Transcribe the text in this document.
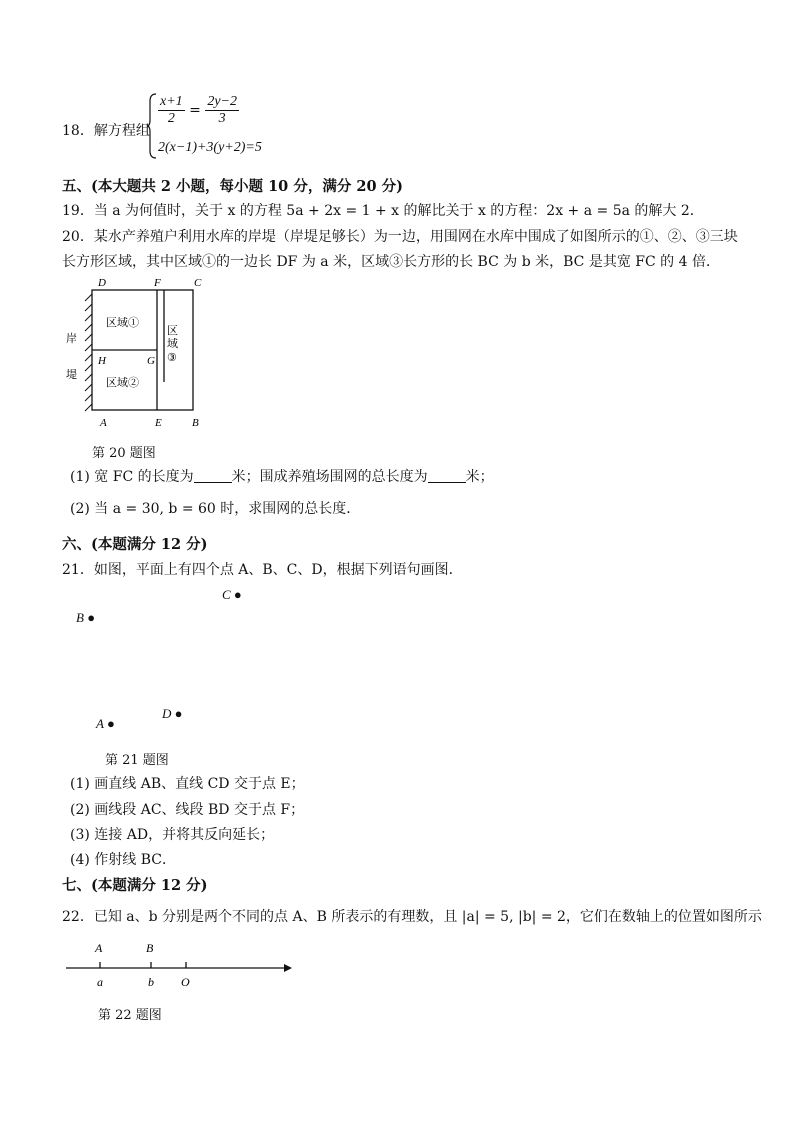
18．解方程组
$\frac{x+1}{2} = \frac{2y-2}{3}$
2(x−1)+3(y+2)=5
五、(本大题共 2 小题，每小题 10 分，满分 20 分)
19．当 a 为何值时，关于 x 的方程 5a + 2x = 1 + x 的解比关于 x 的方程：2x + a = 5a 的解大 2．
20．某水产养殖户利用水库的岸堤（岸堤足够长）为一边，用围网在水库中围成了如图所示的①、②、③三块
长方形区域，其中区域①的一边长 DF 为 a 米，区域③长方形的长 BC 为 b 米，BC 是其宽 FC 的 4 倍．
D	F	C
H	G
A	E	B
区域①
区域②
区
域
③
岸
堤
第 20 题图
(1) 宽 FC 的长度为	米；围成养殖场围网的总长度为	米；
(2) 当 a = 30, b = 60 时，求围网的总长度．
六、(本题满分 12 分)
21．如图，平面上有四个点 A、B、C、D，根据下列语句画图．
C ●
B ●
D ●
A ●
第 21 题图
(1) 画直线 AB、直线 CD 交于点 E；
(2) 画线段 AC、线段 BD 交于点 F；
(3) 连接 AD，并将其反向延长；
(4) 作射线 BC．
七、(本题满分 12 分)
22．已知 a、b 分别是两个不同的点 A、B 所表示的有理数，且 |a| = 5, |b| = 2，它们在数轴上的位置如图所示
A	B
a	b O
第 22 题图
